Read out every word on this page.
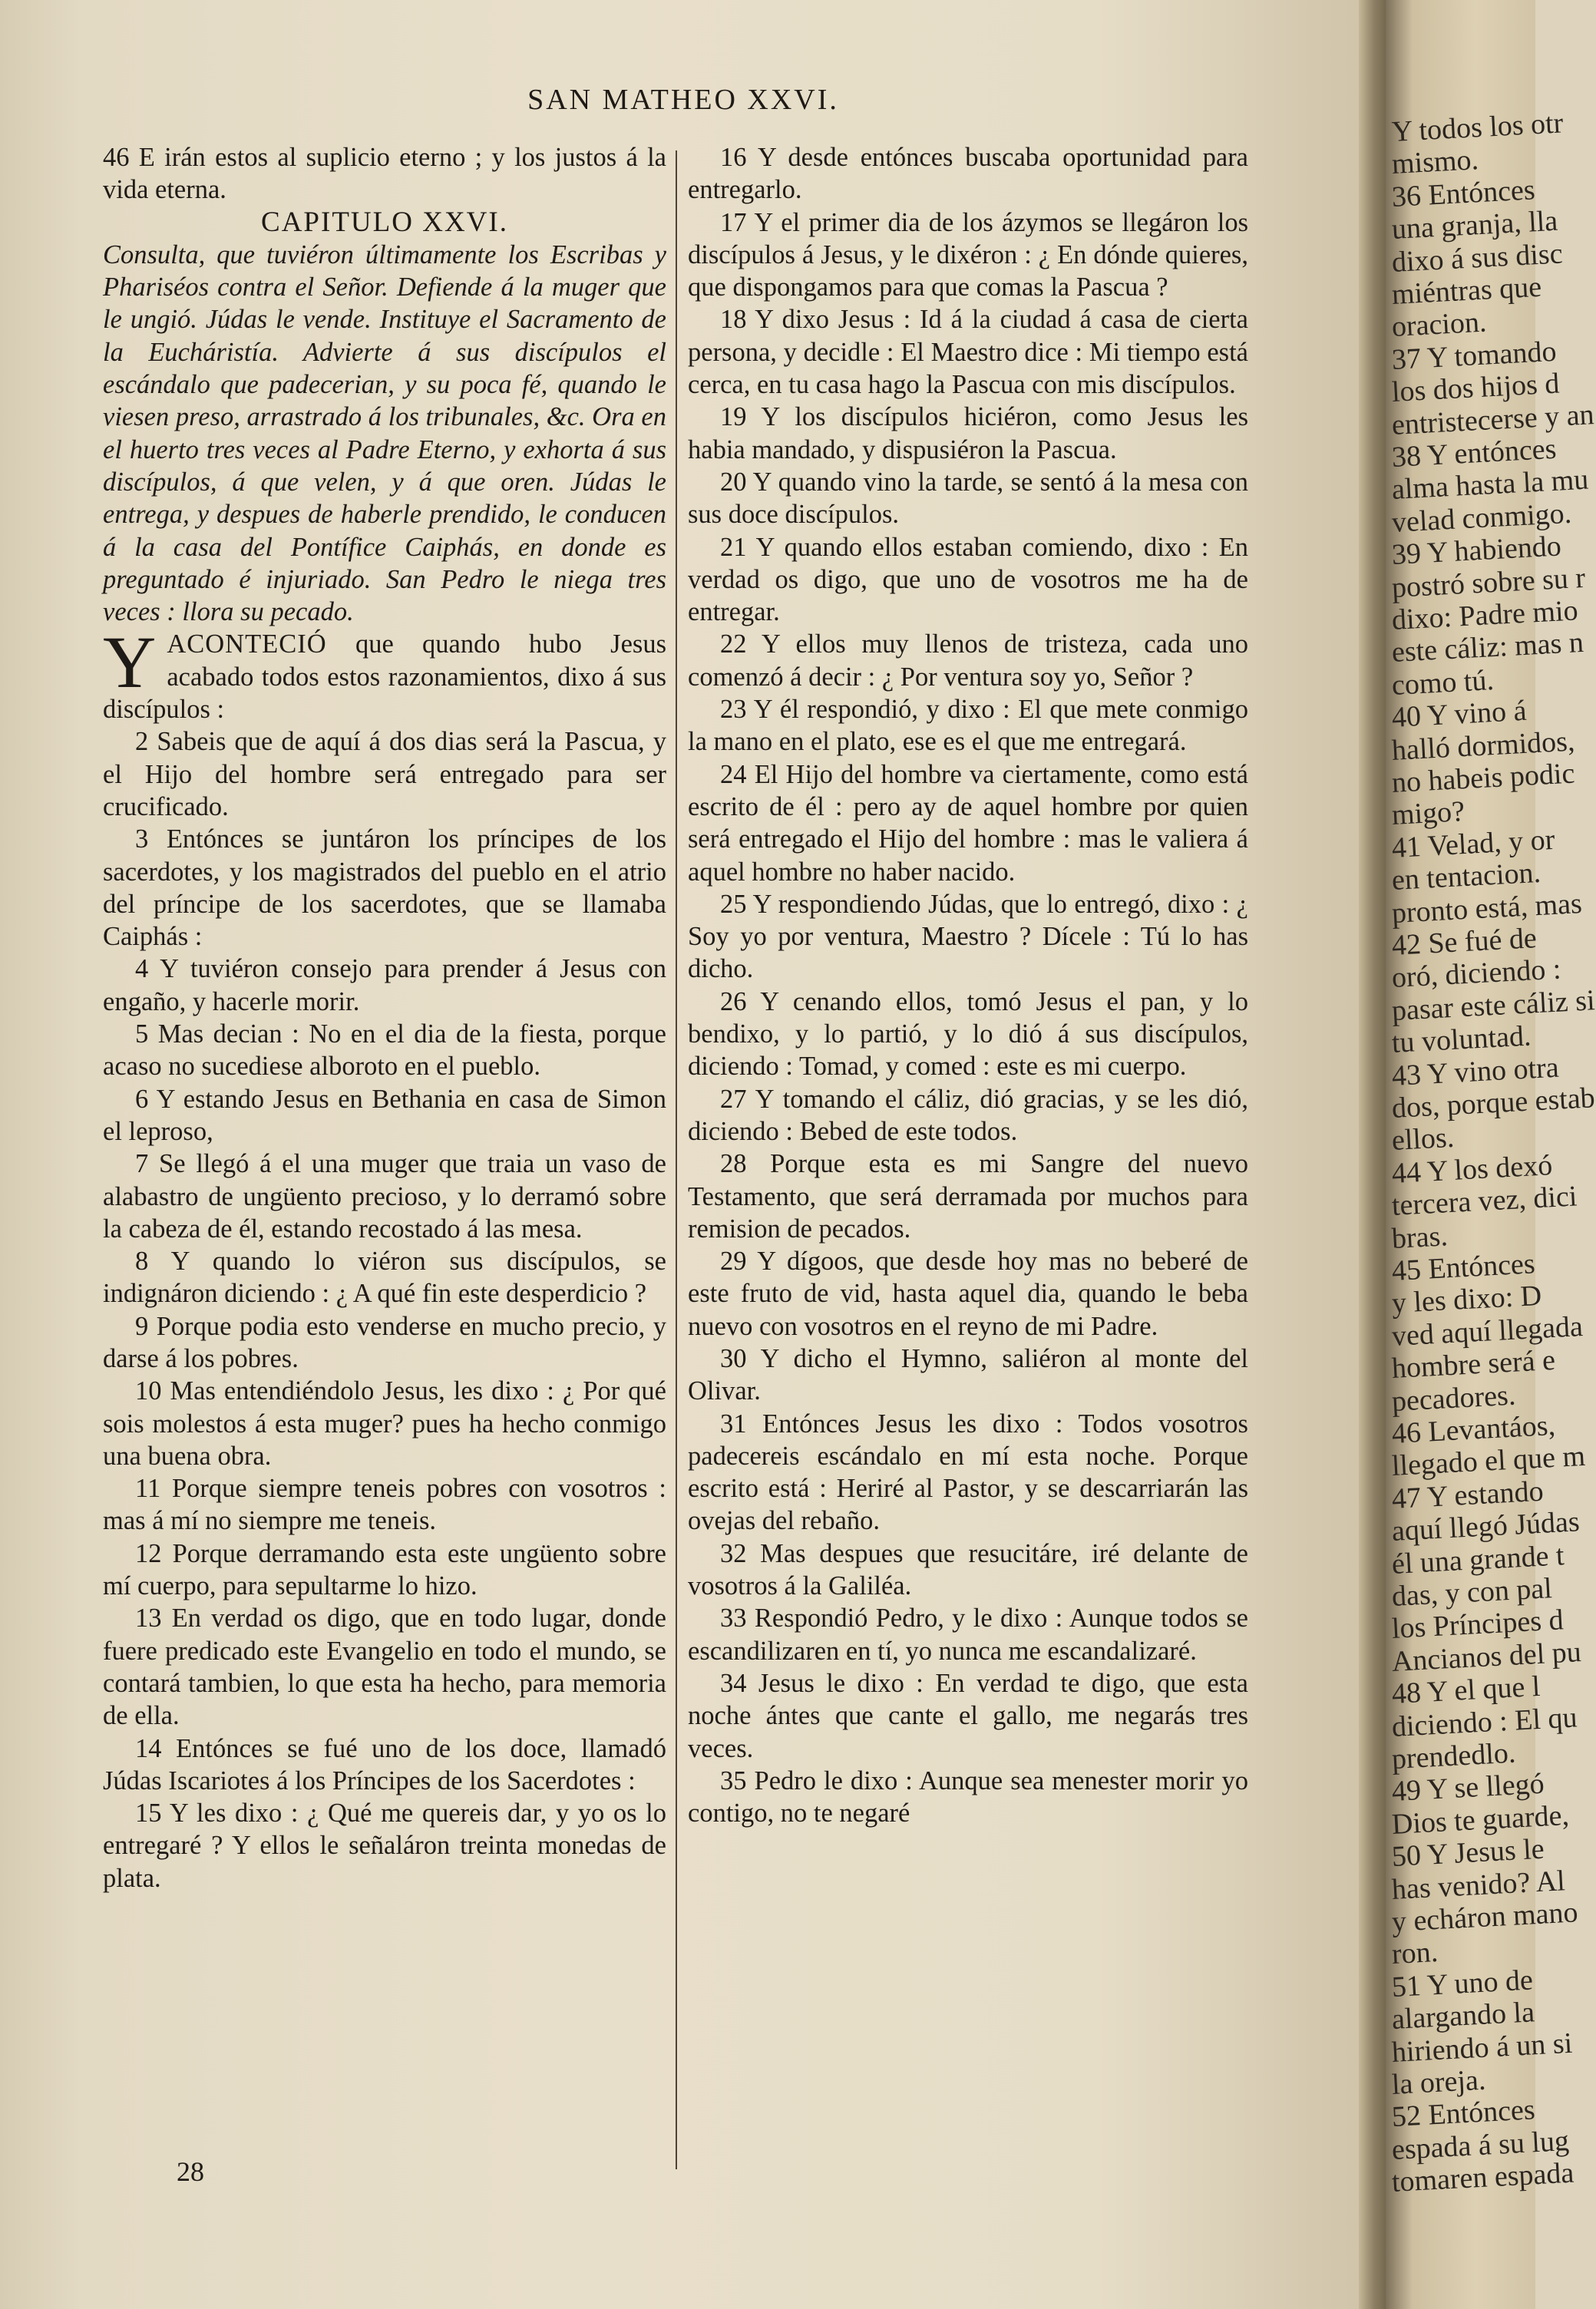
Y todos los otr
mismo.
36 Entónces
una granja, lla
dixo á sus disc
miéntras que
oracion.
37 Y tomando
los dos hijos d
entristecerse y an
38 Y entónces
alma hasta la mu
velad conmigo.
39 Y habiendo
postró sobre su r
dixo: Padre mio
este cáliz: mas n
como tú.
40 Y vino á
halló dormidos,
no habeis podic
migo?
41 Velad, y or
en tentacion.
pronto está, mas
42 Se fué de
oró, diciendo :
pasar este cáliz si
tu voluntad.
43 Y vino otra
dos, porque estab
ellos.
44 Y los dexó
tercera vez, dici
bras.
45 Entónces
y les dixo: D
ved aquí llegada
hombre será e
pecadores.
46 Levantáos,
llegado el que m
47 Y estando
aquí llegó Júdas
él una grande t
das, y con pal
los Príncipes d
Ancianos del pu
48 Y el que l
diciendo : El qu
prendedlo.
49 Y se llegó
Dios te guarde,
50 Y Jesus le
has venido? Al
y echáron mano
ron.
51 Y uno de
alargando la
hiriendo á un si
la oreja.
52 Entónces
espada á su lug
tomaren espada
SAN MATHEO XXVI.

46 E irán estos al suplicio eterno ; y los justos á la vida eterna.

CAPITULO XXVI.

Consulta, que tuviéron últimamente los Escribas y Phariséos contra el Señor. Defiende á la muger que le ungió. Júdas le vende. Instituye el Sacramento de la Eucháristía. Advierte á sus discípulos el escándalo que padecerian, y su poca fé, quando le viesen preso, arrastrado á los tribunales, &c. Ora en el huerto tres veces al Padre Eterno, y exhorta á sus discípulos, á que velen, y á que oren. Júdas le entrega, y despues de haberle prendido, le conducen á la casa del Pontífice Caiphás, en donde es preguntado é injuriado. San Pedro le niega tres veces : llora su pecado.

YACONTECIÓ que quando hubo Jesus acabado todos estos razonamientos, dixo á sus discípulos :

2 Sabeis que de aquí á dos dias será la Pascua, y el Hijo del hombre será entregado para ser crucificado.

3 Entónces se juntáron los príncipes de los sacerdotes, y los magistrados del pueblo en el atrio del príncipe de los sacerdotes, que se llamaba Caiphás :

4 Y tuviéron consejo para prender á Jesus con engaño, y hacerle morir.

5 Mas decian : No en el dia de la fiesta, porque acaso no sucediese alboroto en el pueblo.

6 Y estando Jesus en Bethania en casa de Simon el leproso,

7 Se llegó á el una muger que traia un vaso de alabastro de ungüento precioso, y lo derramó sobre la cabeza de él, estando recostado á las mesa.

8 Y quando lo viéron sus discípulos, se indignáron diciendo : ¿ A qué fin este desperdicio ?

9 Porque podia esto venderse en mucho precio, y darse á los pobres.

10 Mas entendiéndolo Jesus, les dixo : ¿ Por qué sois molestos á esta muger? pues ha hecho conmigo una buena obra.

11 Porque siempre teneis pobres con vosotros : mas á mí no siempre me teneis.

12 Porque derramando esta este ungüento sobre mí cuerpo, para sepultarme lo hizo.

13 En verdad os digo, que en todo lugar, donde fuere predicado este Evangelio en todo el mundo, se contará tambien, lo que esta ha hecho, para memoria de ella.

14 Entónces se fué uno de los doce, llamadó Júdas Iscariotes á los Príncipes de los Sacerdotes :

15 Y les dixo : ¿ Qué me quereis dar, y yo os lo entregaré ? Y ellos le señaláron treinta monedas de plata.

16 Y desde entónces buscaba oportunidad para entregarlo.

17 Y el primer dia de los ázymos se llegáron los discípulos á Jesus, y le dixéron : ¿ En dónde quieres, que dispongamos para que comas la Pascua ?

18 Y dixo Jesus : Id á la ciudad á casa de cierta persona, y decidle : El Maestro dice : Mi tiempo está cerca, en tu casa hago la Pascua con mis discípulos.

19 Y los discípulos hiciéron, como Jesus les habia mandado, y dispusiéron la Pascua.

20 Y quando vino la tarde, se sentó á la mesa con sus doce discípulos.

21 Y quando ellos estaban comiendo, dixo : En verdad os digo, que uno de vosotros me ha de entregar.

22 Y ellos muy llenos de tristeza, cada uno comenzó á decir : ¿ Por ventura soy yo, Señor ?

23 Y él respondió, y dixo : El que mete conmigo la mano en el plato, ese es el que me entregará.

24 El Hijo del hombre va ciertamente, como está escrito de él : pero ay de aquel hombre por quien será entregado el Hijo del hombre : mas le valiera á aquel hombre no haber nacido.

25 Y respondiendo Júdas, que lo entregó, dixo : ¿ Soy yo por ventura, Maestro ? Dícele : Tú lo has dicho.

26 Y cenando ellos, tomó Jesus el pan, y lo bendixo, y lo partió, y lo dió á sus discípulos, diciendo : Tomad, y comed : este es mi cuerpo.

27 Y tomando el cáliz, dió gracias, y se les dió, diciendo : Bebed de este todos.

28 Porque esta es mi Sangre del nuevo Testamento, que será derramada por muchos para remision de pecados.

29 Y dígoos, que desde hoy mas no beberé de este fruto de vid, hasta aquel dia, quando le beba nuevo con vosotros en el reyno de mi Padre.

30 Y dicho el Hymno, saliéron al monte del Olivar.

31 Entónces Jesus les dixo : Todos vosotros padecereis escándalo en mí esta noche. Porque escrito está : Heriré al Pastor, y se descarriarán las ovejas del rebaño.

32 Mas despues que resucitáre, iré delante de vosotros á la Galiléa.

33 Respondió Pedro, y le dixo : Aunque todos se escandilizaren en tí, yo nunca me escandalizaré.

34 Jesus le dixo : En verdad te digo, que esta noche ántes que cante el gallo, me negarás tres veces.

35 Pedro le dixo : Aunque sea menester morir yo contigo, no te negaré

28
